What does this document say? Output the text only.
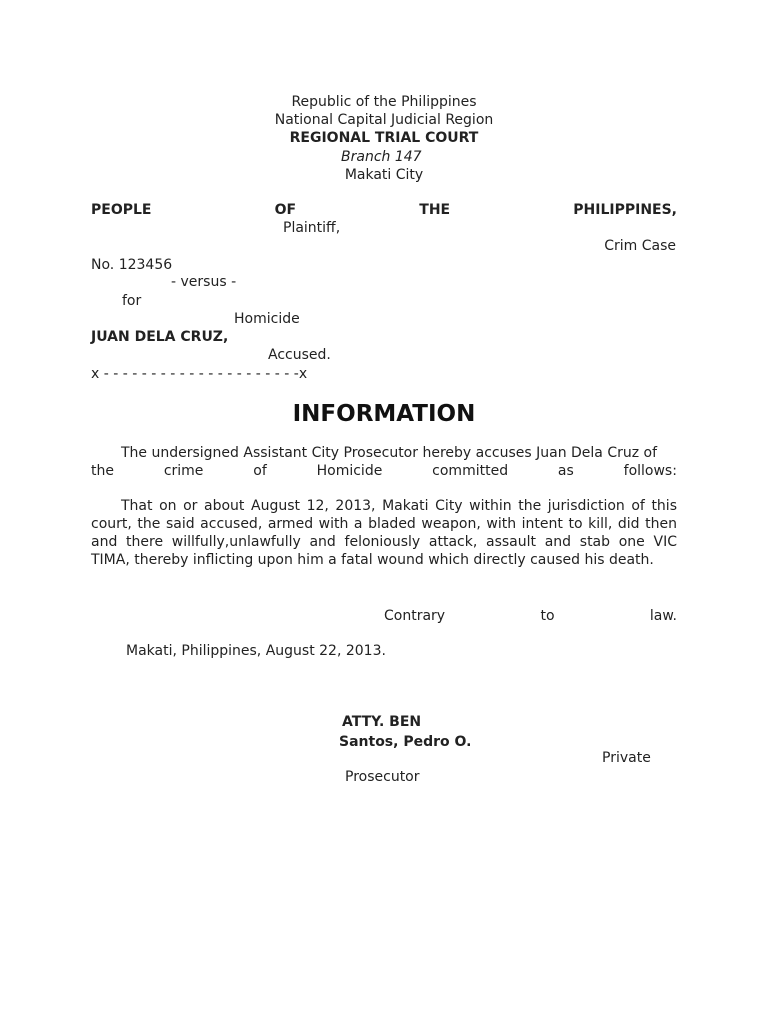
Republic of the Philippines
National Capital Judicial Region
REGIONAL TRIAL COURT
Branch 147
Makati City
PEOPLE	OF	THE	PHILIPPINES,
Plaintiff,
Crim Case
No. 123456
- versus -
for
Homicide
JUAN DELA CRUZ,
Accused.
x - - - - - - - - - - - - - - - - - - - - -x
INFORMATION
The undersigned Assistant City Prosecutor hereby accuses Juan Dela Cruz of
the	crime	of	Homicide	committed	as	follows:

That on or about August 12, 2013, Makati City within the jurisdiction of this court, the said accused, armed with a bladed weapon, with intent to kill, did then and there willfully,unlawfully and feloniously attack, assault and stab one VIC TIMA, thereby inflicting upon him a fatal wound which directly caused his death.

Contrary	to	law.
Makati, Philippines, August 22, 2013.
ATTY. BEN
Santos, Pedro O.
Private
Prosecutor
